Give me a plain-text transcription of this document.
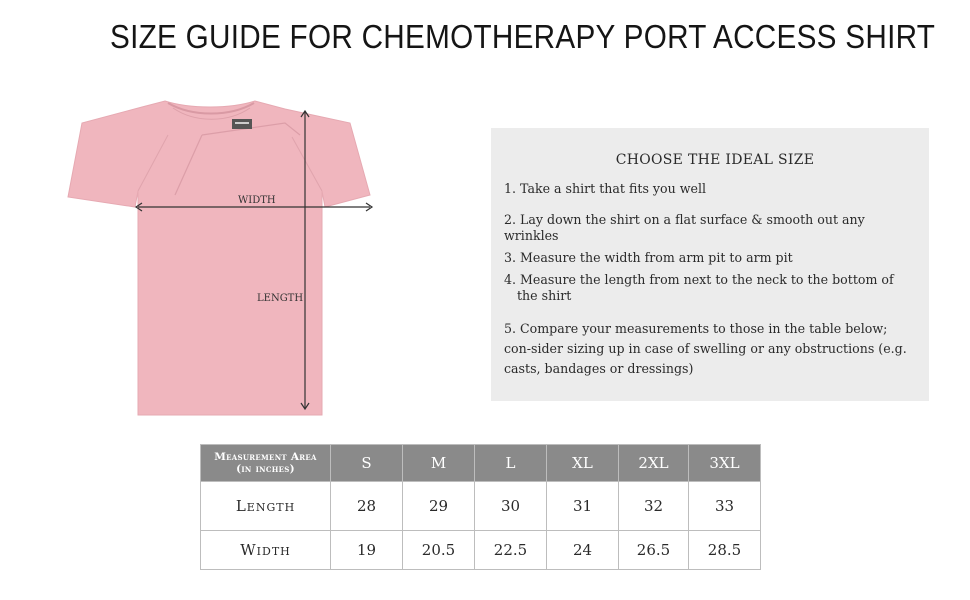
SIZE GUIDE FOR CHEMOTHERAPY PORT ACCESS SHIRT
WIDTH
LENGTH
CHOOSE THE IDEAL SIZE
1. Take a shirt that fits you well
2. Lay down the shirt on a flat surface & smooth out any wrinkles
3. Measure the width from arm pit to arm pit
4. Measure the length from next to the neck to the bottom of
the shirt
5. Compare your measurements to those in the table below; con-sider sizing up in case of swelling or any obstructions (e.g. casts, bandages or dressings)
Measurement Area
(in inches)	S	M	L	XL	2XL	3XL
Length	28	29	30	31	32	33
Width	19	20.5	22.5	24	26.5	28.5
